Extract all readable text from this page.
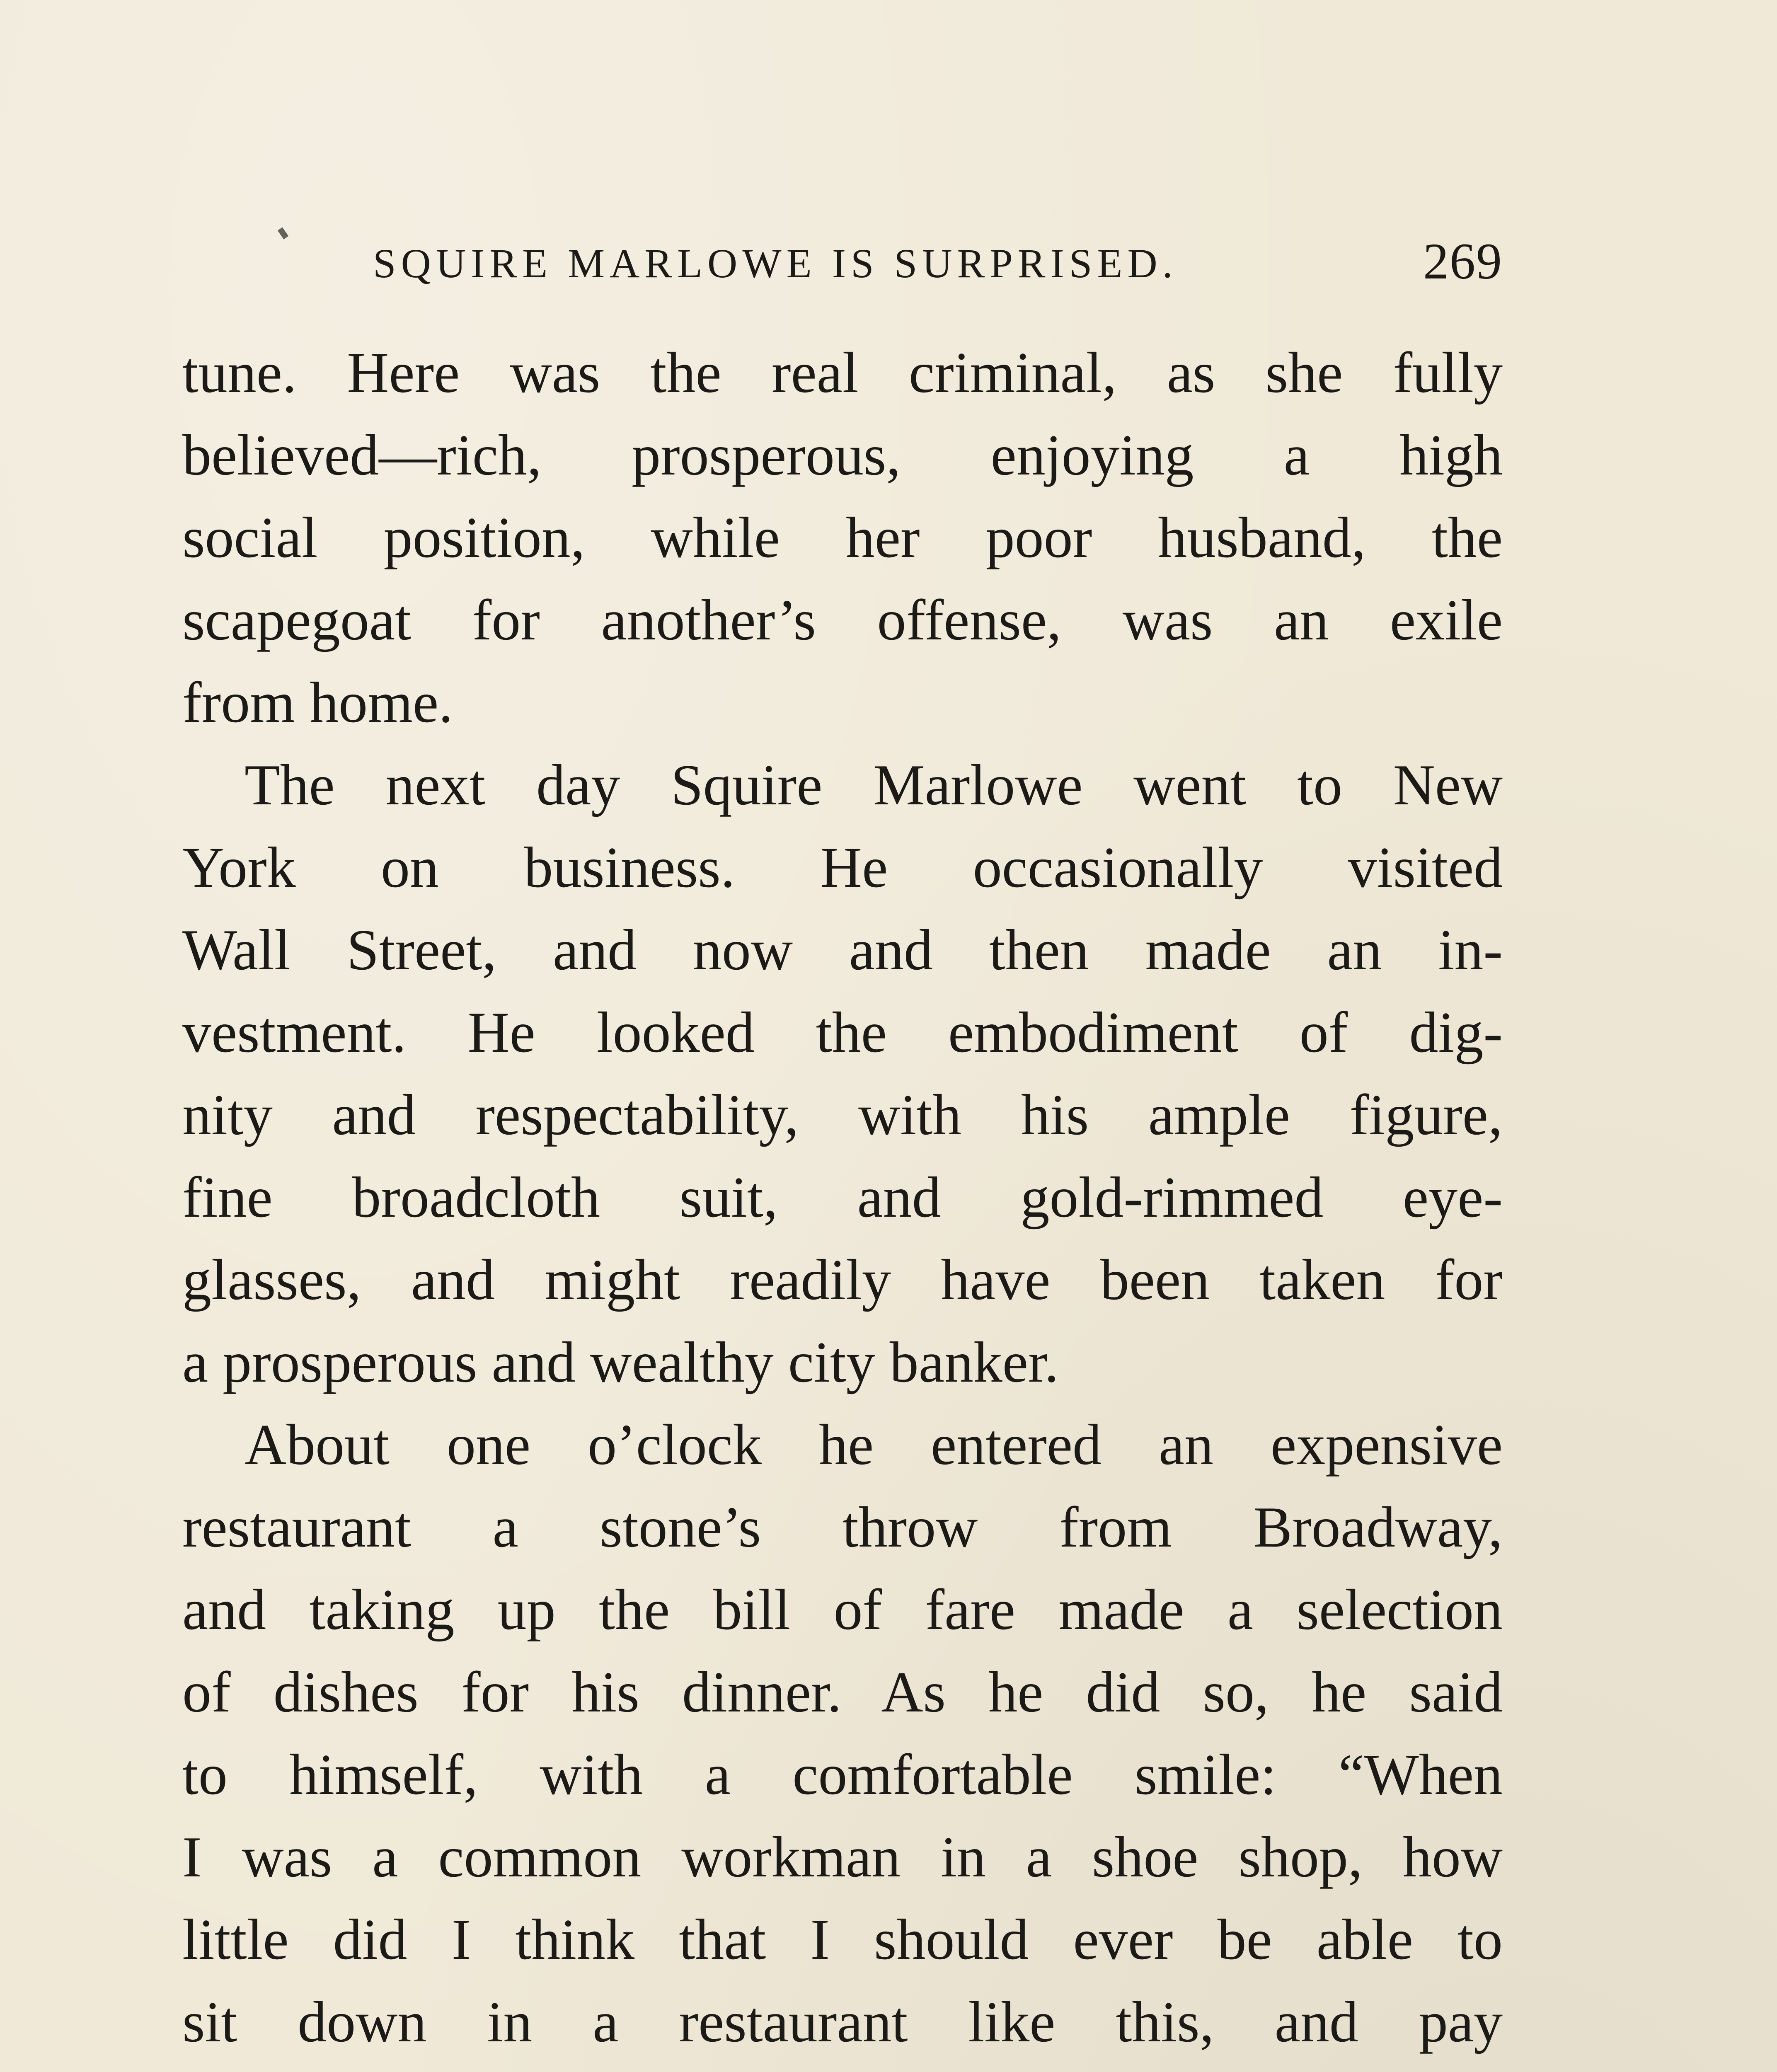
SQUIRE MARLOWE IS SURPRISED.	269
tune. Here was the real criminal, as she fully
believed—rich, prosperous, enjoying a high
social position, while her poor husband, the
scapegoat for another’s offense, was an exile
from home.
The next day Squire Marlowe went to New
York on business. He occasionally visited
Wall Street, and now and then made an in-
vestment. He looked the embodiment of dig-
nity and respectability, with his ample figure,
fine broadcloth suit, and gold-rimmed eye-
glasses, and might readily have been taken for
a prosperous and wealthy city banker.
About one o’clock he entered an expensive
restaurant a stone’s throw from Broadway,
and taking up the bill of fare made a selection
of dishes for his dinner. As he did so, he said
to himself, with a comfortable smile: “When
I was a common workman in a shoe shop, how
little did I think that I should ever be able to
sit down in a restaurant like this, and pay
